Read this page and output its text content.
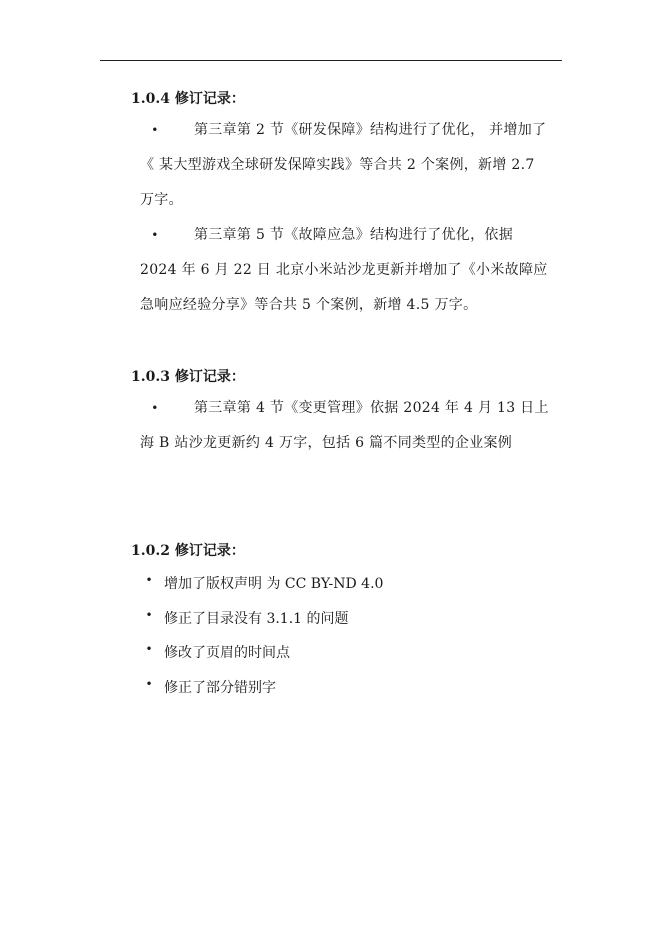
1.0.4 修订记录：
•	第三章第 2 节《研发保障》结构进行了优化， 并增加了《 某大型游戏全球研发保障实践》等合共 2 个案例，新增 2.7 万字。
•	第三章第 5 节《故障应急》结构进行了优化，依据 2024 年 6 月 22 日 北京小米站沙龙更新并增加了《小米故障应急响应经验分享》等合共 5 个案例，新增 4.5 万字。
1.0.3 修订记录：
•	第三章第 4 节《变更管理》依据 2024 年 4 月 13 日上海 B 站沙龙更新约 4 万字，包括 6 篇不同类型的企业案例
1.0.2 修订记录：
• 增加了版权声明 为 CC BY-ND 4.0
• 修正了目录没有 3.1.1 的问题
• 修改了页眉的时间点
• 修正了部分错别字
